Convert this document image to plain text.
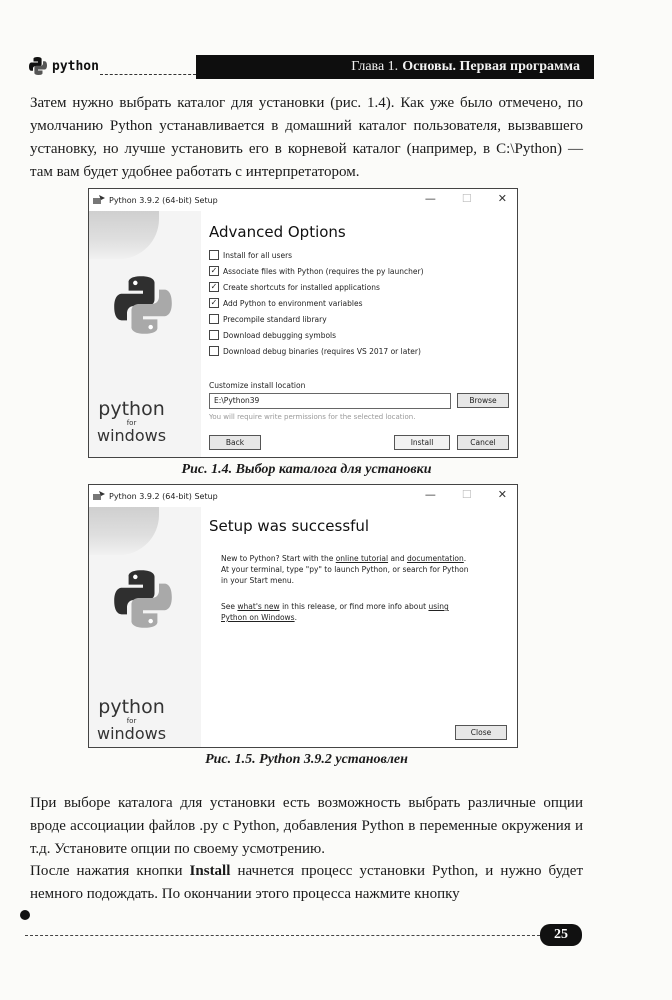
python	Глава 1. Основы. Первая программа
Затем нужно выбрать каталог для установки (рис. 1.4). Как уже было отмечено, по умолчанию Python устанавливается в домашний каталог пользователя, вызвавшего установку, но лучше установить его в корневой каталог (например, в C:\Python) — там вам будет удобнее работать с интерпретатором.
Python 3.9.2 (64-bit) Setup	— ☐ ✕
python
for
windows
Advanced Options
Install for all users
✓ Associate files with Python (requires the py launcher)
✓ Create shortcuts for installed applications
✓ Add Python to environment variables
Precompile standard library
Download debugging symbols
Download debug binaries (requires VS 2017 or later)
Customize install location
E:\Python39	Browse
You will require write permissions for the selected location.
Back	Install	Cancel
Рис. 1.4. Выбор каталога для установки
Python 3.9.2 (64-bit) Setup	— ☐ ✕
python
for
windows
Setup was successful
New to Python? Start with the online tutorial and documentation. At your terminal, type "py" to launch Python, or search for Python in your Start menu.
See what's new in this release, or find more info about using Python on Windows.
Close
Рис. 1.5. Python 3.9.2 установлен
При выборе каталога для установки есть возможность выбрать различные опции вроде ассоциации файлов .py с Python, добавления Python в переменные окружения и т.д. Установите опции по своему усмотрению.
После нажатия кнопки Install начнется процесс установки Python, и нужно будет немного подождать. По окончании этого процесса нажмите кнопку
25
